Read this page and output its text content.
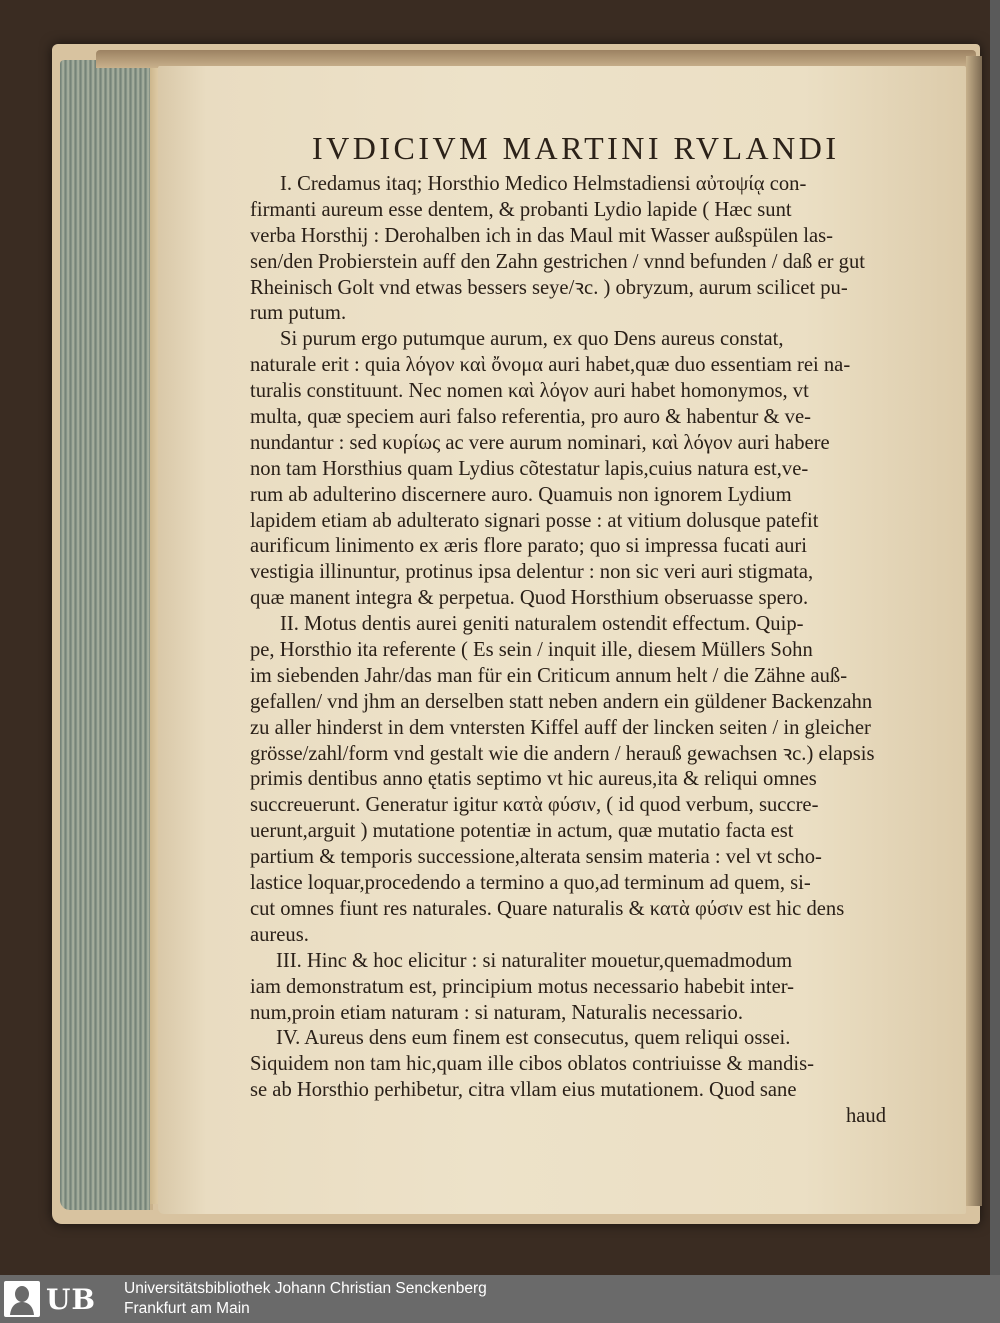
IVDICIVM MARTINI RVLANDI
I. Credamus itaq; Horsthio Medico Helmstadiensi αὐτοψίᾳ con-
firmanti aureum esse dentem, & probanti Lydio lapide ( Hæc sunt
verba Horsthij : Derohalben ich in das Maul mit Wasser außspülen las-
sen/den Probierstein auff den Zahn gestrichen / vnnd befunden / daß er gut
Rheinisch Golt vnd etwas bessers seye/ꝛc. ) obryzum, aurum scilicet pu-
rum putum.
Si purum ergo putumque aurum, ex quo Dens aureus constat,
naturale erit : quia λόγον καὶ ὄνομα auri habet,quæ duo essentiam rei na-
turalis constituunt. Nec nomen καὶ λόγον auri habet homonymos, vt
multa, quæ speciem auri falso referentia, pro auro & habentur & ve-
nundantur : sed κυρίως ac vere aurum nominari, καὶ λόγον auri habere
non tam Horsthius quam Lydius cõtestatur lapis,cuius natura est,ve-
rum ab adulterino discernere auro. Quamuis non ignorem Lydium
lapidem etiam ab adulterato signari posse : at vitium dolusque patefit
aurificum linimento ex æris flore parato; quo si impressa fucati auri
vestigia illinuntur, protinus ipsa delentur : non sic veri auri stigmata,
quæ manent integra & perpetua. Quod Horsthium obseruasse spero.
II. Motus dentis aurei geniti naturalem ostendit effectum. Quip-
pe, Horsthio ita referente ( Es sein / inquit ille, diesem Müllers Sohn
im siebenden Jahr/das man für ein Criticum annum helt / die Zähne auß-
gefallen/ vnd jhm an derselben statt neben andern ein güldener Backenzahn
zu aller hinderst in dem vntersten Kiffel auff der lincken seiten / in gleicher
grösse/zahl/form vnd gestalt wie die andern / herauß gewachsen ꝛc.) elapsis
primis dentibus anno ętatis septimo vt hic aureus,ita & reliqui omnes
succreuerunt. Generatur igitur κατὰ φύσιν, ( id quod verbum, succre-
uerunt,arguit ) mutatione potentiæ in actum, quæ mutatio facta est
partium & temporis successione,alterata sensim materia : vel vt scho-
lastice loquar,procedendo a termino a quo,ad terminum ad quem, si-
cut omnes fiunt res naturales. Quare naturalis & κατὰ φύσιν est hic dens
aureus.
III. Hinc & hoc elicitur : si naturaliter mouetur,quemadmodum
iam demonstratum est, principium motus necessario habebit inter-
num,proin etiam naturam : si naturam, Naturalis necessario.
IV. Aureus dens eum finem est consecutus, quem reliqui ossei.
Siquidem non tam hic,quam ille cibos oblatos contriuisse & mandis-
se ab Horsthio perhibetur, citra vllam eius mutationem. Quod sane
haud
UB Universitätsbibliothek Johann Christian Senckenberg
Frankfurt am Main
